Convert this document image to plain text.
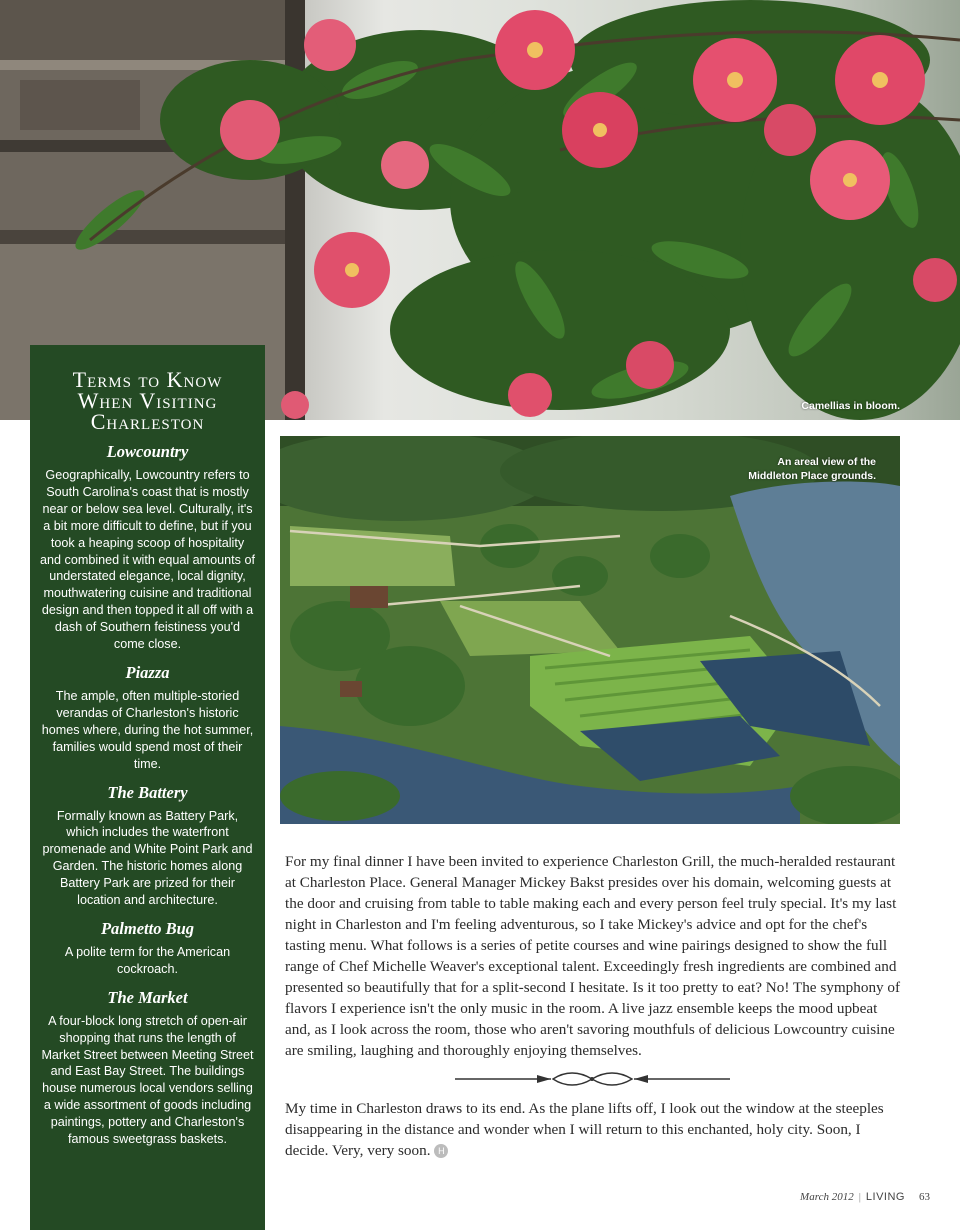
Camellias in bloom.
Terms to Know
When Visiting
Charleston
Lowcountry

Geographically, Lowcountry refers to South Carolina's coast that is mostly near or below sea level. Culturally, it's a bit more difficult to define, but if you took a heaping scoop of hospitality and combined it with equal amounts of understated elegance, local dignity, mouthwatering cuisine and traditional design and then topped it all off with a dash of Southern feistiness you'd come close.

Piazza

The ample, often multiple-storied verandas of Charleston's historic homes where, during the hot summer, families would spend most of their time.

The Battery

Formally known as Battery Park, which includes the waterfront promenade and White Point Park and Garden. The historic homes along Battery Park are prized for their location and architecture.

Palmetto Bug

A polite term for the American cockroach.

The Market

A four-block long stretch of open-air shopping that runs the length of Market Street between Meeting Street and East Bay Street. The buildings house numerous local vendors selling a wide assortment of goods including paintings, pottery and Charleston's famous sweetgrass baskets.

An areal view of the
Middleton Place grounds.

For my final dinner I have been invited to experience Charleston Grill, the much-heralded restaurant at Charleston Place. General Manager Mickey Bakst presides over his domain, welcoming guests at the door and cruising from table to table making each and every person feel truly special. It's my last night in Charleston and I'm feeling adventurous, so I take Mickey's advice and opt for the chef's tasting menu. What follows is a series of petite courses and wine pairings designed to show the full range of Chef Michelle Weaver's exceptional talent. Exceedingly fresh ingredients are combined and presented so beautifully that for a split-second I hesitate. Is it too pretty to eat? No! The symphony of flavors I experience isn't the only music in the room. A live jazz ensemble keeps the mood upbeat and, as I look across the room, those who aren't savoring mouthfuls of delicious Lowcountry cuisine are smiling, laughing and thoroughly enjoying themselves.

My time in Charleston draws to its end. As the plane lifts off, I look out the window at the steeples disappearing in the distance and wonder when I will return to this enchanted, holy city. Soon, I decide. Very, very soon. H

March 2012 | LIVING 63
